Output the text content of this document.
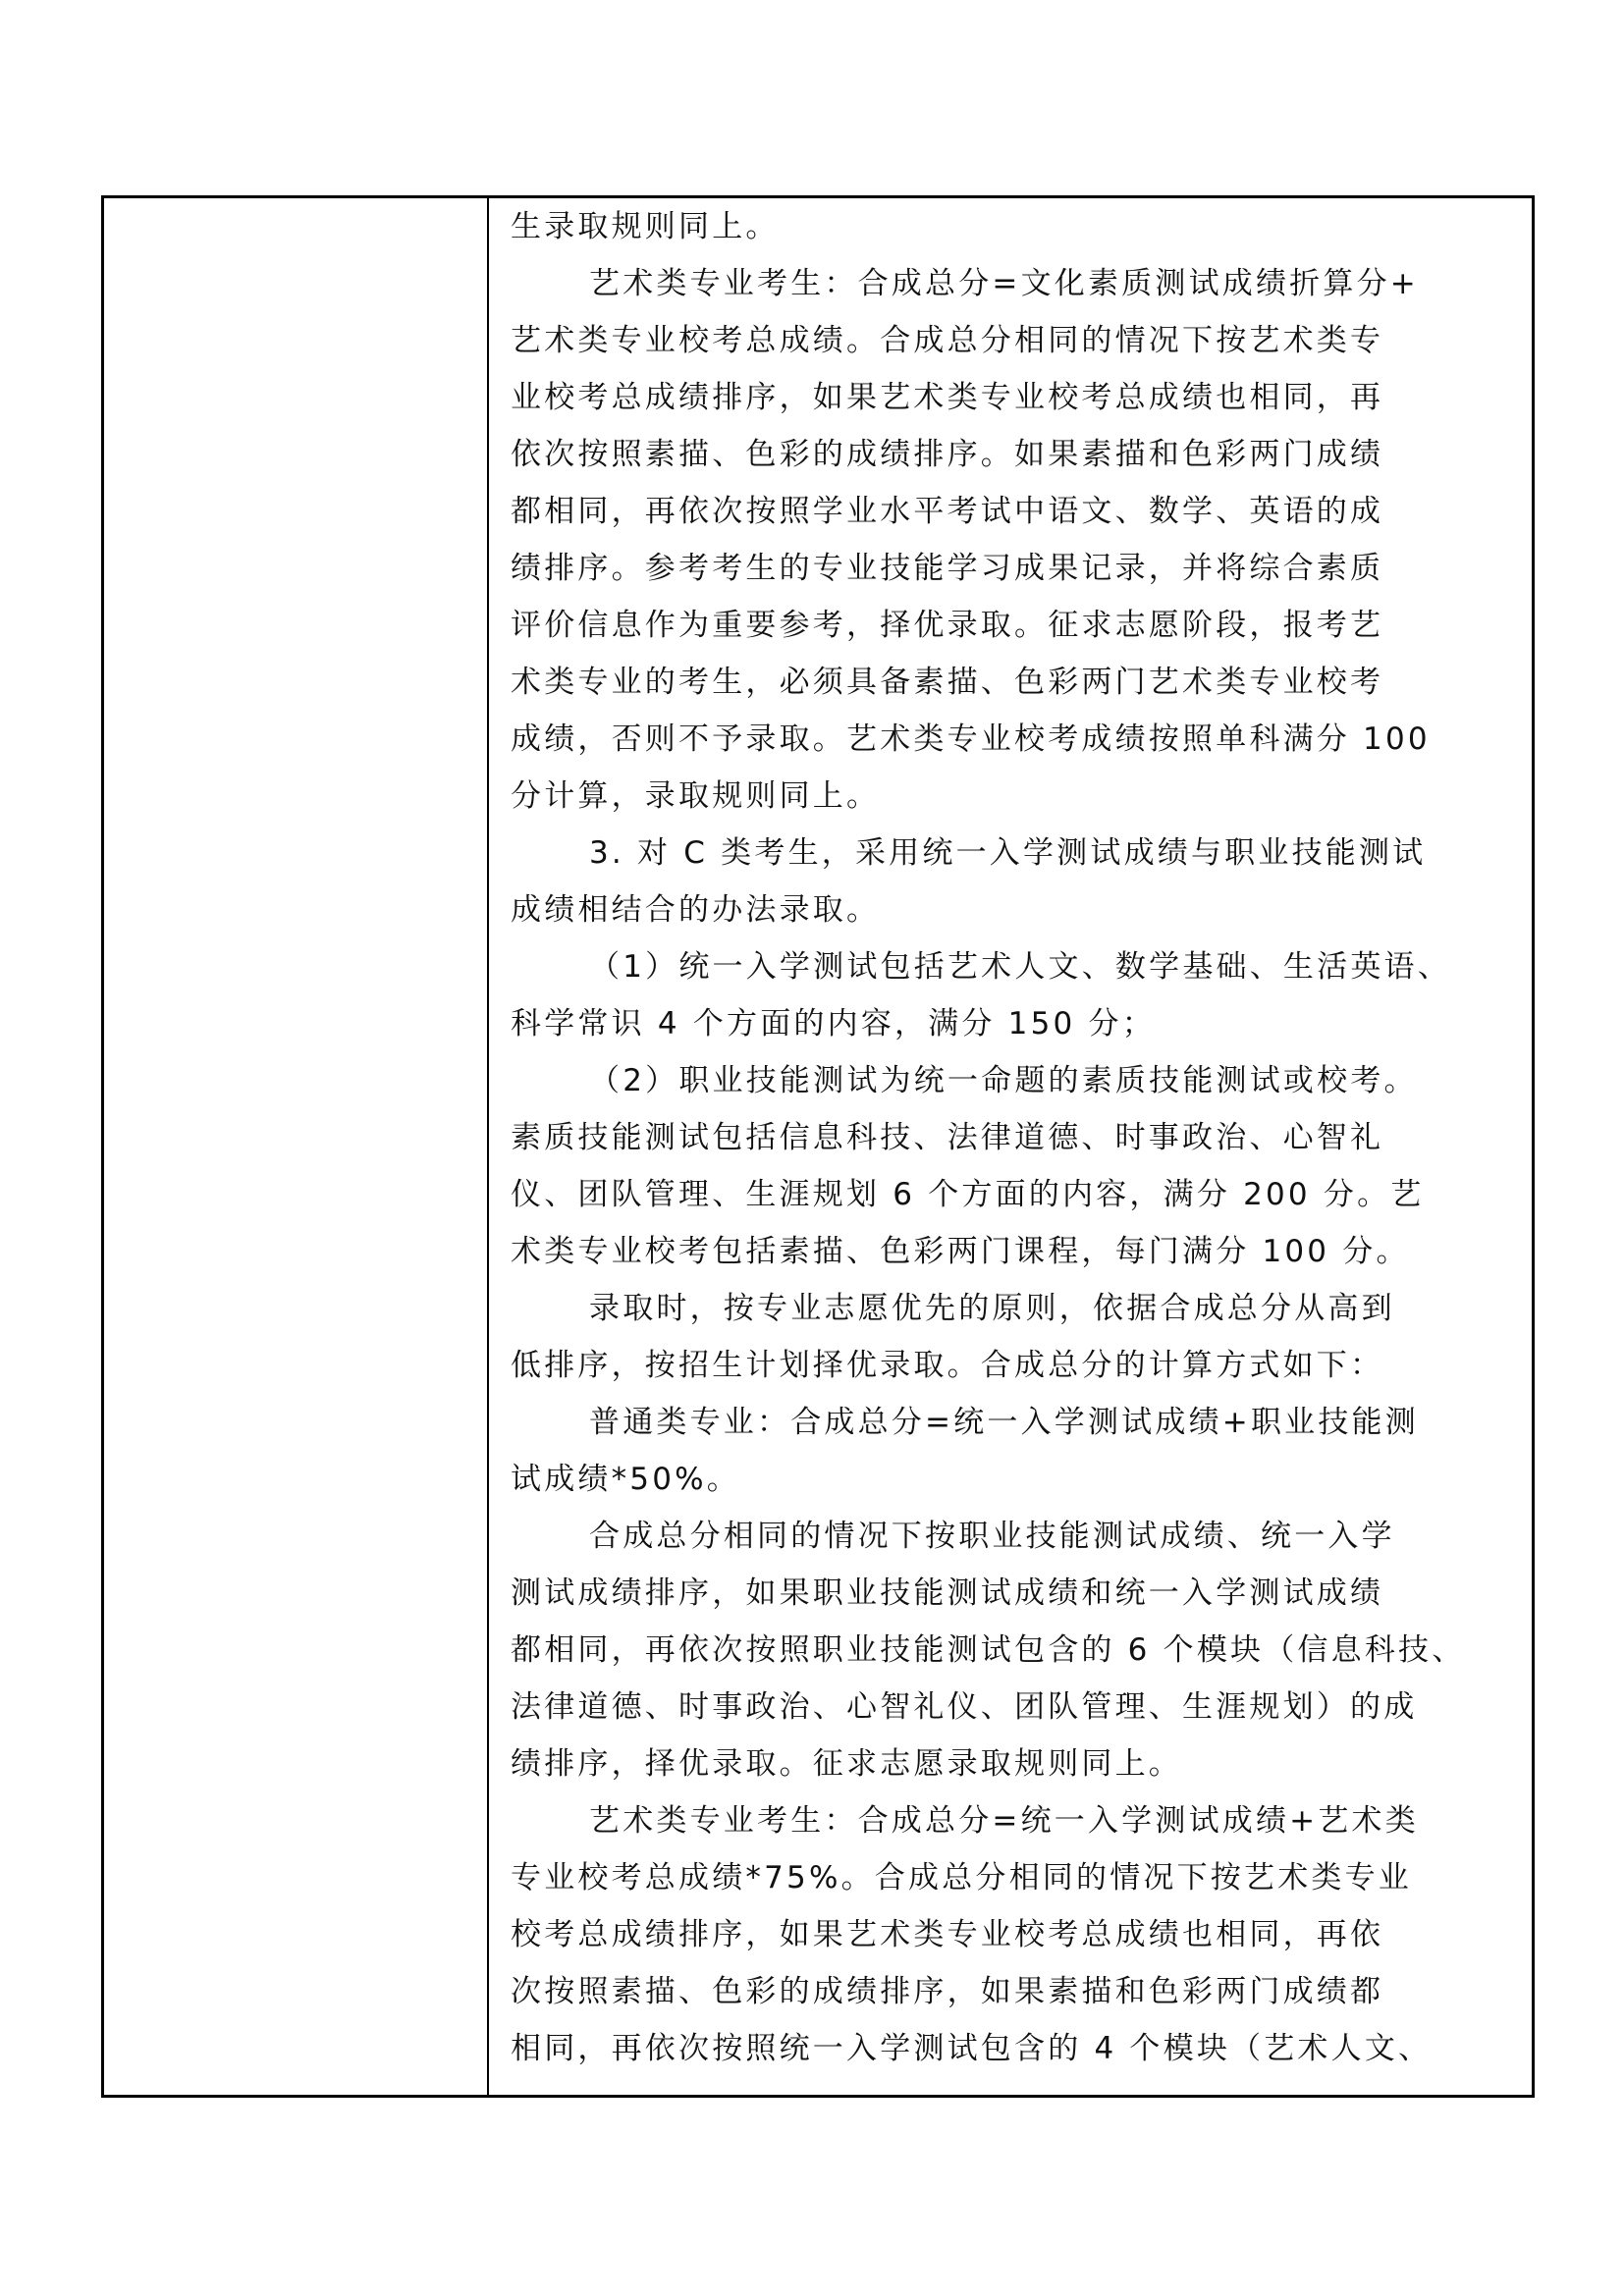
生录取规则同上。
艺术类专业考生：合成总分=文化素质测试成绩折算分+
艺术类专业校考总成绩。合成总分相同的情况下按艺术类专
业校考总成绩排序，如果艺术类专业校考总成绩也相同，再
依次按照素描、色彩的成绩排序。如果素描和色彩两门成绩
都相同，再依次按照学业水平考试中语文、数学、英语的成
绩排序。参考考生的专业技能学习成果记录，并将综合素质
评价信息作为重要参考，择优录取。征求志愿阶段，报考艺
术类专业的考生，必须具备素描、色彩两门艺术类专业校考
成绩，否则不予录取。艺术类专业校考成绩按照单科满分 100
分计算，录取规则同上。
3. 对 C 类考生，采用统一入学测试成绩与职业技能测试
成绩相结合的办法录取。
（1）统一入学测试包括艺术人文、数学基础、生活英语、
科学常识 4 个方面的内容，满分 150 分；
（2）职业技能测试为统一命题的素质技能测试或校考。
素质技能测试包括信息科技、法律道德、时事政治、心智礼
仪、团队管理、生涯规划 6 个方面的内容，满分 200 分。艺
术类专业校考包括素描、色彩两门课程，每门满分 100 分。
录取时，按专业志愿优先的原则，依据合成总分从高到
低排序，按招生计划择优录取。合成总分的计算方式如下：
普通类专业：合成总分=统一入学测试成绩+职业技能测
试成绩*50%。
合成总分相同的情况下按职业技能测试成绩、统一入学
测试成绩排序，如果职业技能测试成绩和统一入学测试成绩
都相同，再依次按照职业技能测试包含的 6 个模块（信息科技、
法律道德、时事政治、心智礼仪、团队管理、生涯规划）的成
绩排序，择优录取。征求志愿录取规则同上。
艺术类专业考生：合成总分=统一入学测试成绩+艺术类
专业校考总成绩*75%。合成总分相同的情况下按艺术类专业
校考总成绩排序，如果艺术类专业校考总成绩也相同，再依
次按照素描、色彩的成绩排序，如果素描和色彩两门成绩都
相同，再依次按照统一入学测试包含的 4 个模块（艺术人文、
